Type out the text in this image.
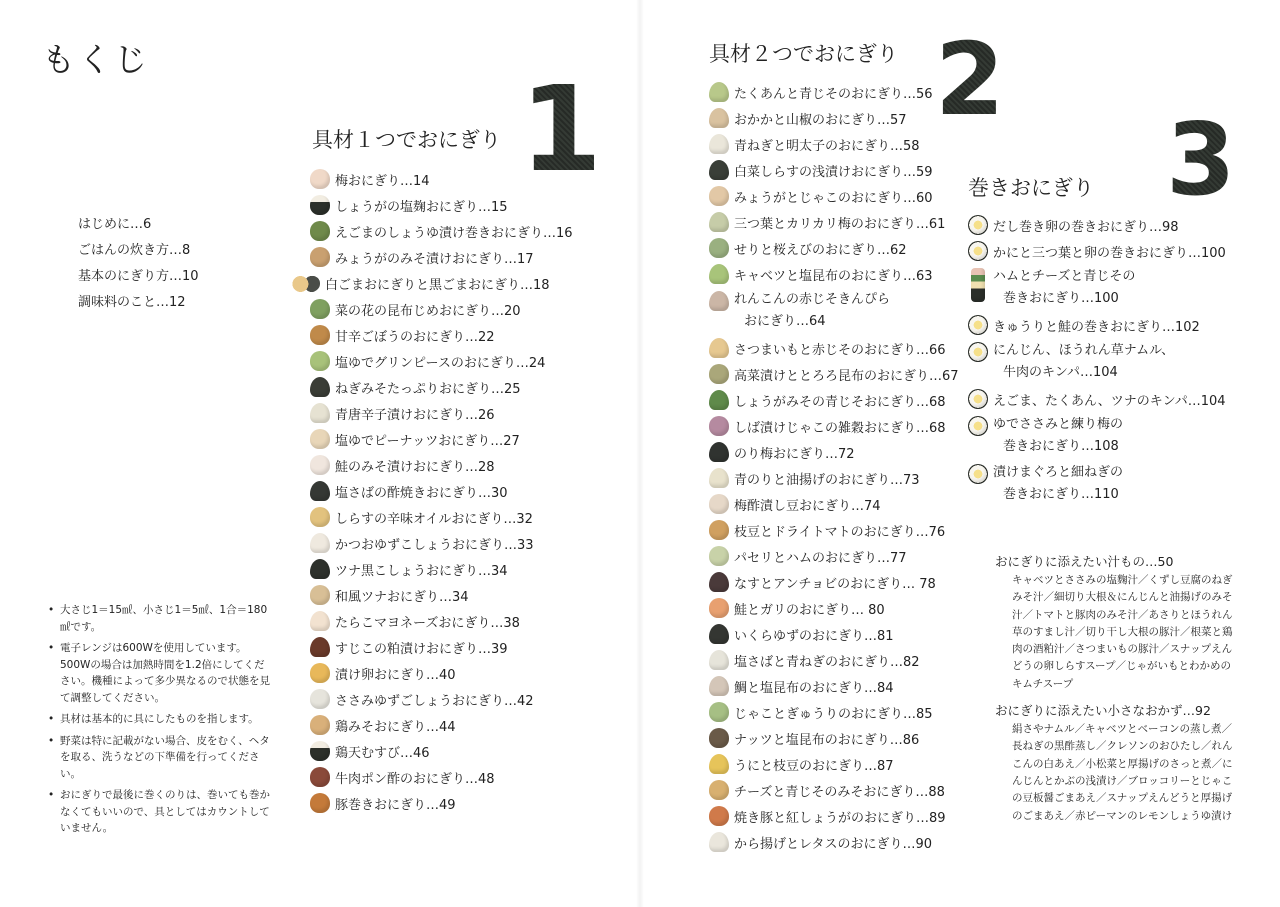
もくじ
はじめに…6
ごはんの炊き方…8
基本のにぎり方…10
調味料のこと…12
• 大さじ1＝15㎖、小さじ1＝5㎖、1合＝180㎖です。
• 電子レンジは600Wを使用しています。500Wの場合は加熱時間を1.2倍にしてください。機種によって多少異なるので状態を見て調整してください。
• 具材は基本的に具にしたものを指します。
• 野菜は特に記載がない場合、皮をむく、ヘタを取る、洗うなどの下準備を行ってください。
• おにぎりで最後に巻くのりは、巻いても巻かなくてもいいので、具としてはカウントしていません。
1
具材１つでおにぎり
梅おにぎり…14
しょうがの塩麹おにぎり…15
えごまのしょうゆ漬け巻きおにぎり…16
みょうがのみそ漬けおにぎり…17
白ごまおにぎりと黒ごまおにぎり…18
菜の花の昆布じめおにぎり…20
甘辛ごぼうのおにぎり…22
塩ゆでグリンピースのおにぎり…24
ねぎみそたっぷりおにぎり…25
青唐辛子漬けおにぎり…26
塩ゆでピーナッツおにぎり…27
鮭のみそ漬けおにぎり…28
塩さばの酢焼きおにぎり…30
しらすの辛味オイルおにぎり…32
かつおゆずこしょうおにぎり…33
ツナ黒こしょうおにぎり…34
和風ツナおにぎり…34
たらこマヨネーズおにぎり…38
すじこの粕漬けおにぎり…39
漬け卵おにぎり…40
ささみゆずごしょうおにぎり…42
鶏みそおにぎり…44
鶏天むすび…46
牛肉ポン酢のおにぎり…48
豚巻きおにぎり…49
2
具材２つでおにぎり
たくあんと青じそのおにぎり…56
おかかと山椒のおにぎり…57
青ねぎと明太子のおにぎり…58
白菜しらすの浅漬けおにぎり…59
みょうがとじゃこのおにぎり…60
三つ葉とカリカリ梅のおにぎり…61
せりと桜えびのおにぎり…62
キャベツと塩昆布のおにぎり…63
れんこんの赤じそきんぴら
おにぎり…64
さつまいもと赤じそのおにぎり…66
高菜漬けととろろ昆布のおにぎり…67
しょうがみその青じそおにぎり…68
しば漬けじゃこの雑穀おにぎり…68
のり梅おにぎり…72
青のりと油揚げのおにぎり…73
梅酢漬し豆おにぎり…74
枝豆とドライトマトのおにぎり…76
パセリとハムのおにぎり…77
なすとアンチョビのおにぎり… 78
鮭とガリのおにぎり… 80
いくらゆずのおにぎり…81
塩さばと青ねぎのおにぎり…82
鯛と塩昆布のおにぎり…84
じゃことぎゅうりのおにぎり…85
ナッツと塩昆布のおにぎり…86
うにと枝豆のおにぎり…87
チーズと青じそのみそおにぎり…88
焼き豚と紅しょうがのおにぎり…89
から揚げとレタスのおにぎり…90
3
巻きおにぎり
だし巻き卵の巻きおにぎり…98
かにと三つ葉と卵の巻きおにぎり…100
ハムとチーズと青じその
巻きおにぎり…100
きゅうりと鮭の巻きおにぎり…102
にんじん、ほうれん草ナムル、
牛肉のキンパ…104
えごま、たくあん、ツナのキンパ…104
ゆでささみと練り梅の
巻きおにぎり…108
漬けまぐろと細ねぎの
巻きおにぎり…110
おにぎりに添えたい汁もの…50
キャベツとささみの塩麴汁／くずし豆腐のねぎみそ汁／細切り大根＆にんじんと油揚げのみそ汁／トマトと豚肉のみそ汁／あさりとほうれん草のすまし汁／切り干し大根の豚汁／根菜と鶏肉の酒粕汁／さつまいもの豚汁／スナップえんどうの卵しらすスープ／じゃがいもとわかめのキムチスープ
おにぎりに添えたい小さなおかず…92
絹さやナムル／キャベツとベーコンの蒸し煮／長ねぎの黒酢蒸し／クレソンのおひたし／れんこんの白あえ／小松菜と厚揚げのさっと煮／にんじんとかぶの浅漬け／ブロッコリーとじゃこの豆板醤ごまあえ／スナップえんどうと厚揚げのごまあえ／赤ピーマンのレモンしょうゆ漬け
